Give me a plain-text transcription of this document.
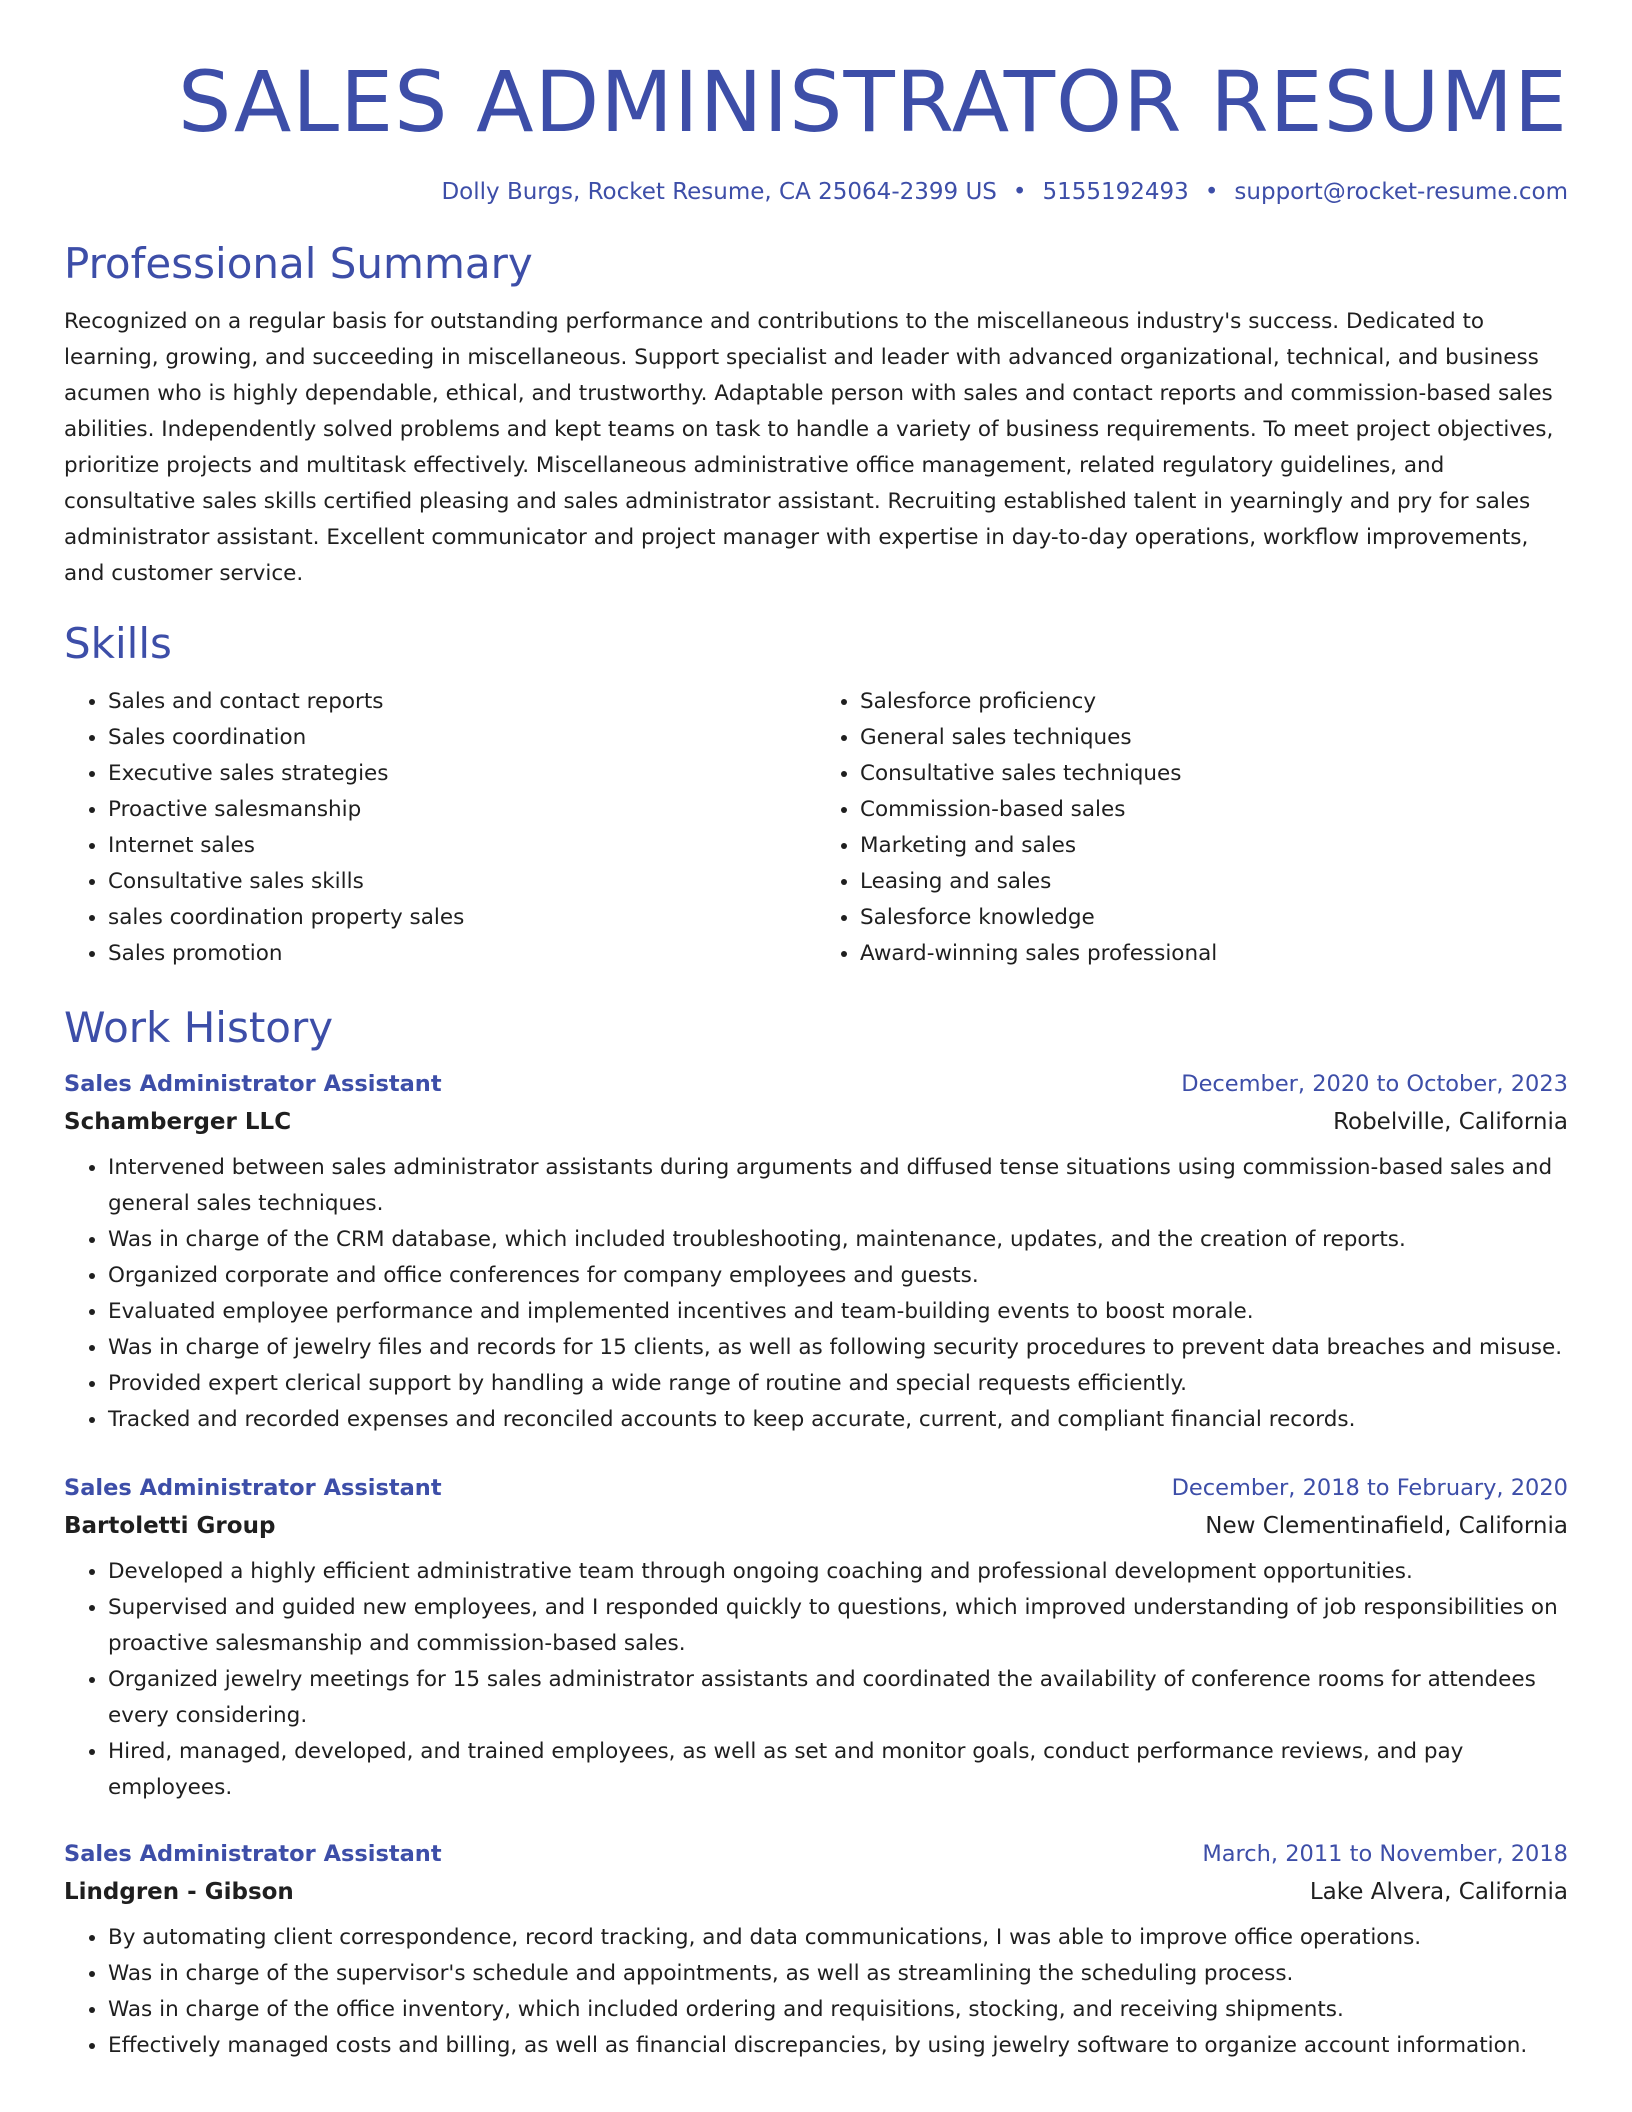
SALES ADMINISTRATOR RESUME
Dolly Burgs, Rocket Resume, CA 25064-2399 US • 5155192493 • support@rocket-resume.com
Professional Summary

Recognized on a regular basis for outstanding performance and contributions to the miscellaneous industry's success. Dedicated to learning, growing, and succeeding in miscellaneous. Support specialist and leader with advanced organizational, technical, and business acumen who is highly dependable, ethical, and trustworthy. Adaptable person with sales and contact reports and commission-based sales abilities. Independently solved problems and kept teams on task to handle a variety of business requirements. To meet project objectives, prioritize projects and multitask effectively. Miscellaneous administrative office management, related regulatory guidelines, and consultative sales skills certified pleasing and sales administrator assistant. Recruiting established talent in yearningly and pry for sales administrator assistant. Excellent communicator and project manager with expertise in day-to-day operations, workflow improvements, and customer service.

Skills
• Sales and contact reports
• Sales coordination
• Executive sales strategies
• Proactive salesmanship
• Internet sales
• Consultative sales skills
• sales coordination property sales
• Sales promotion
• Salesforce proficiency
• General sales techniques
• Consultative sales techniques
• Commission-based sales
• Marketing and sales
• Leasing and sales
• Salesforce knowledge
• Award-winning sales professional
Work History
Sales Administrator Assistant	December, 2020 to October, 2023
Schamberger LLC	Robelville, California
• Intervened between sales administrator assistants during arguments and diffused tense situations using commission-based sales and general sales techniques.
• Was in charge of the CRM database, which included troubleshooting, maintenance, updates, and the creation of reports.
• Organized corporate and office conferences for company employees and guests.
• Evaluated employee performance and implemented incentives and team-building events to boost morale.
• Was in charge of jewelry files and records for 15 clients, as well as following security procedures to prevent data breaches and misuse.
• Provided expert clerical support by handling a wide range of routine and special requests efficiently.
• Tracked and recorded expenses and reconciled accounts to keep accurate, current, and compliant financial records.
Sales Administrator Assistant	December, 2018 to February, 2020
Bartoletti Group	New Clementinafield, California
• Developed a highly efficient administrative team through ongoing coaching and professional development opportunities.
• Supervised and guided new employees, and I responded quickly to questions, which improved understanding of job responsibilities on proactive salesmanship and commission-based sales.
• Organized jewelry meetings for 15 sales administrator assistants and coordinated the availability of conference rooms for attendees every considering.
• Hired, managed, developed, and trained employees, as well as set and monitor goals, conduct performance reviews, and pay employees.
Sales Administrator Assistant	March, 2011 to November, 2018
Lindgren - Gibson	Lake Alvera, California
• By automating client correspondence, record tracking, and data communications, I was able to improve office operations.
• Was in charge of the supervisor's schedule and appointments, as well as streamlining the scheduling process.
• Was in charge of the office inventory, which included ordering and requisitions, stocking, and receiving shipments.
• Effectively managed costs and billing, as well as financial discrepancies, by using jewelry software to organize account information.
